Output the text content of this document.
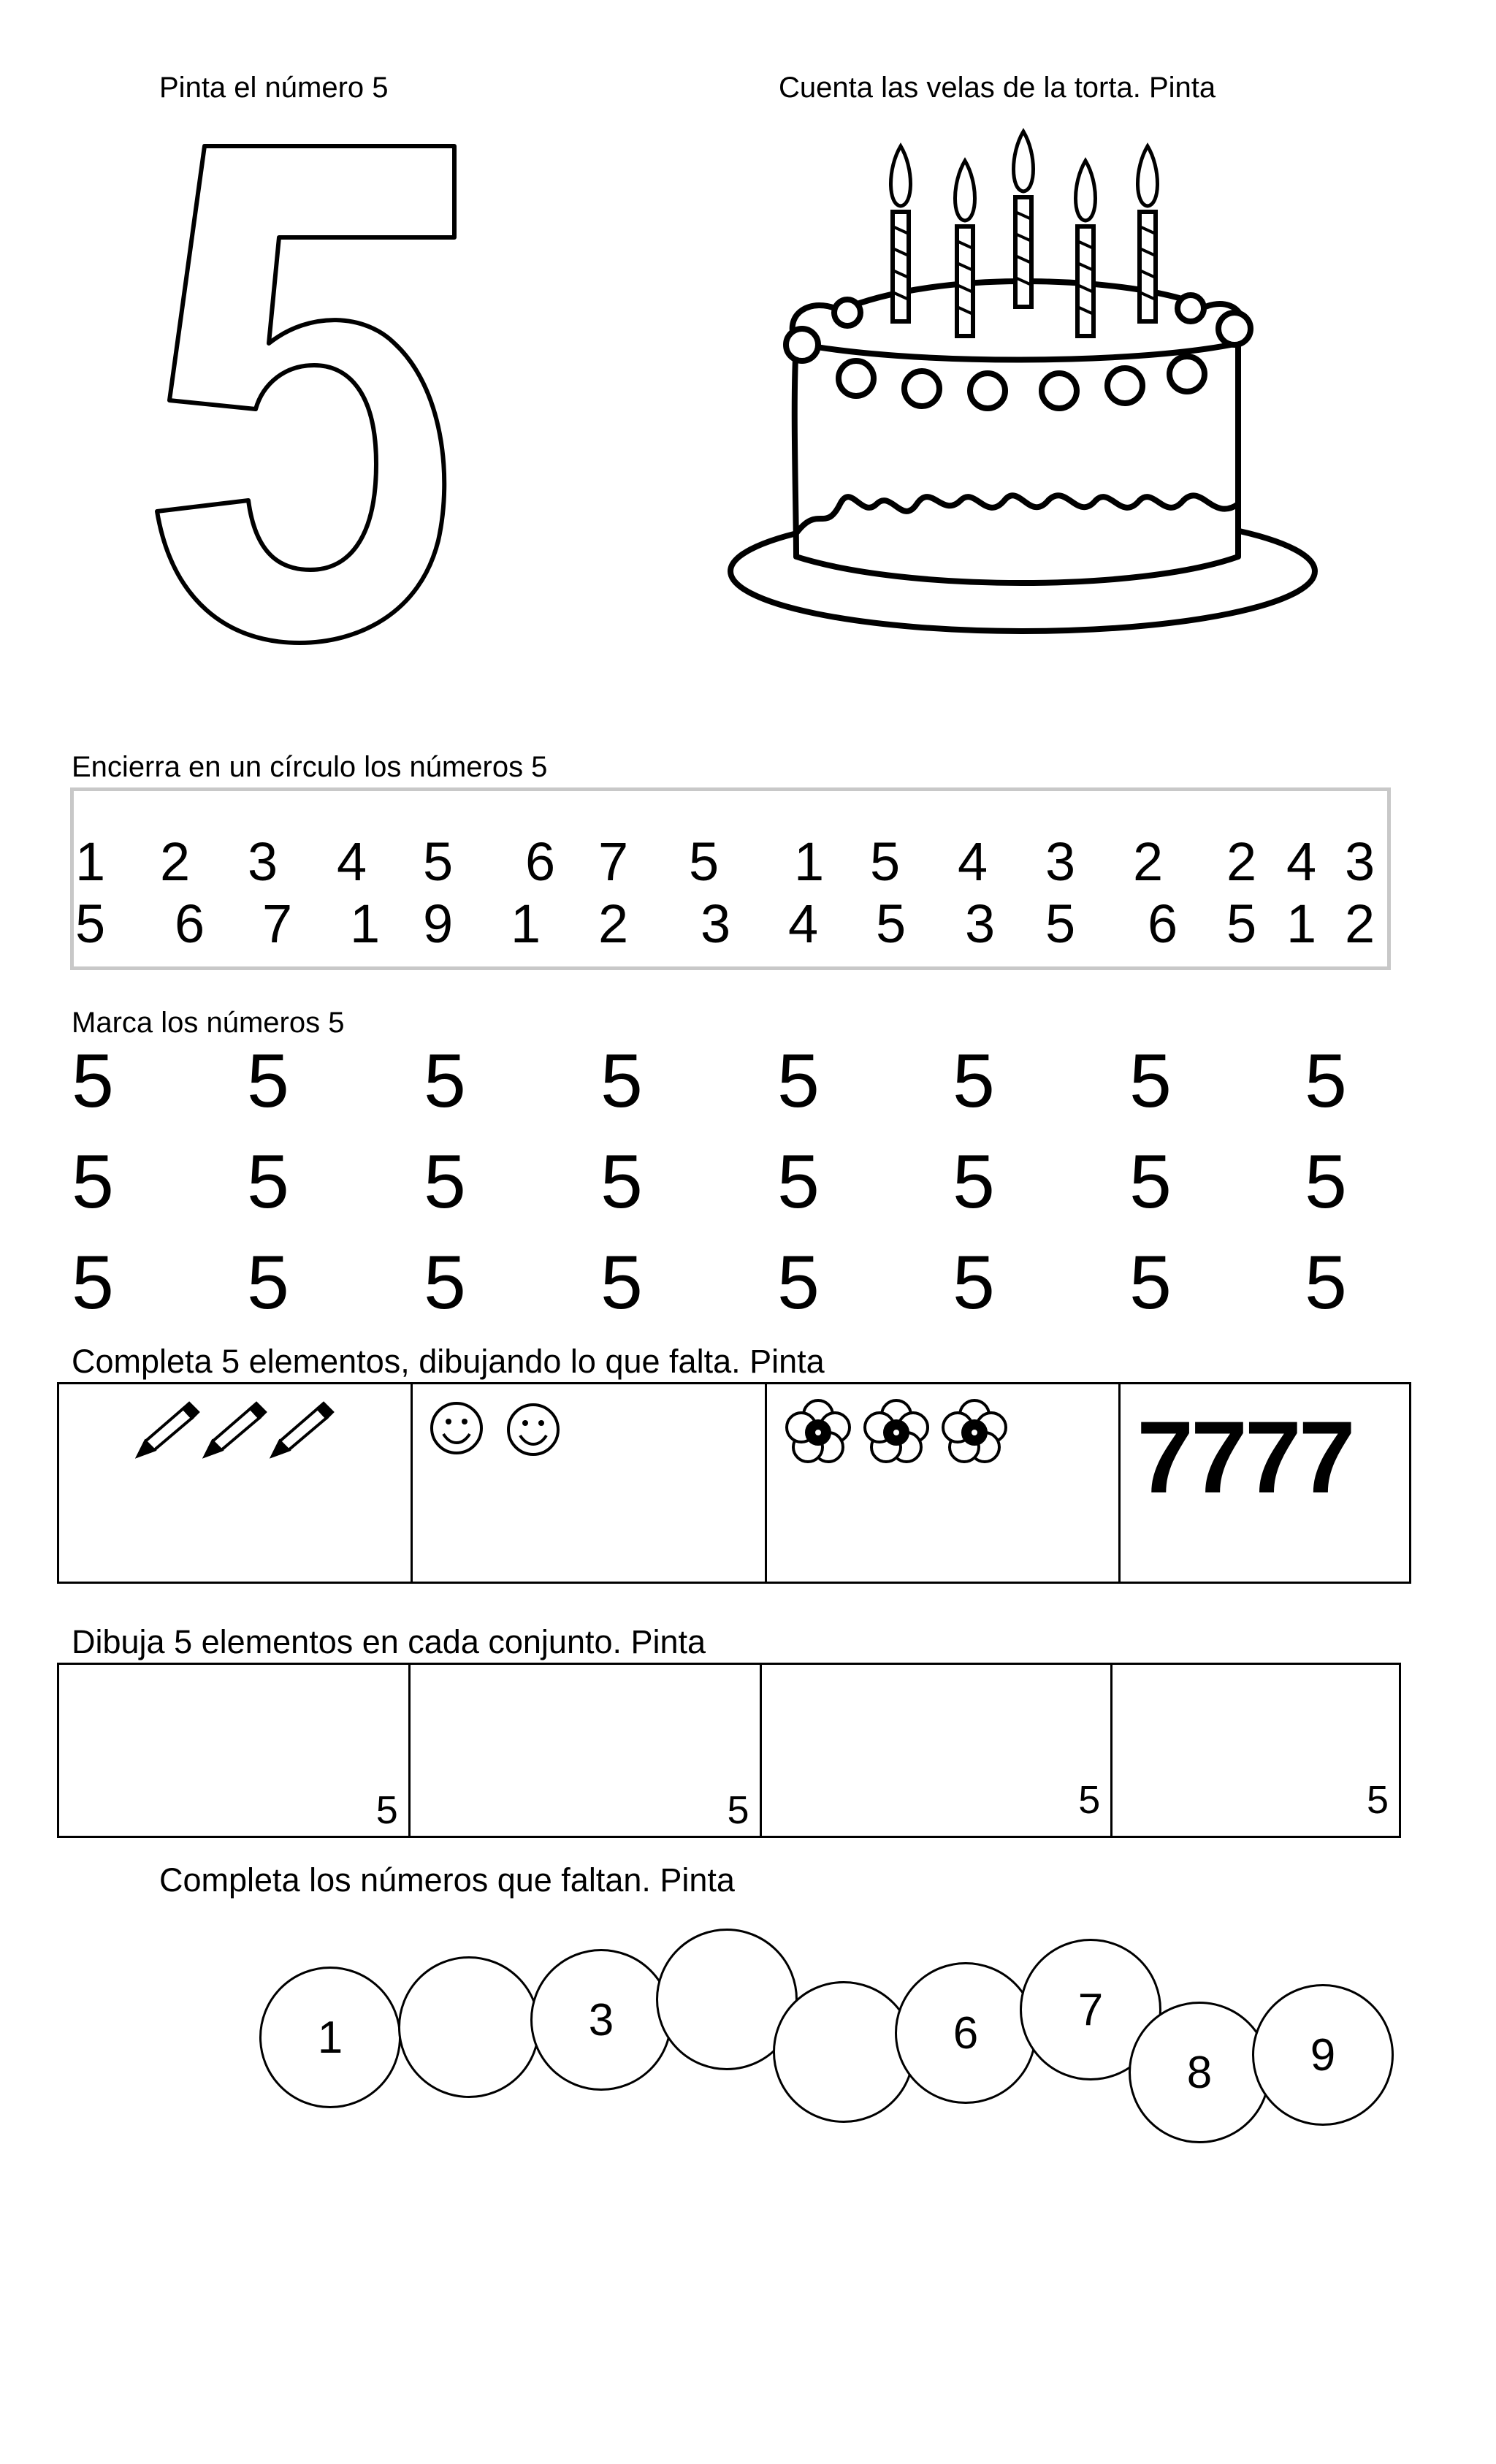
Pinta el número 5	Cuenta las velas de la torta. Pinta
Encierra en un círculo los números 5
1 2 3 4 5 6 7 5 1 5 4 3 2 2 4 3
5 6 7 1 9 1 2 3 4 5 3 5 6 5 1 2
Marca los números 5
5 5 5 5 5 5 5 5
5 5 5 5 5 5 5 5
5 5 5 5 5 5 5 5
Completa 5 elementos, dibujando lo que falta. Pinta
7777
Dibuja 5 elementos en cada conjunto. Pinta
5	5	5	5
Completa los números que faltan. Pinta
1	3	6	7
8	9
